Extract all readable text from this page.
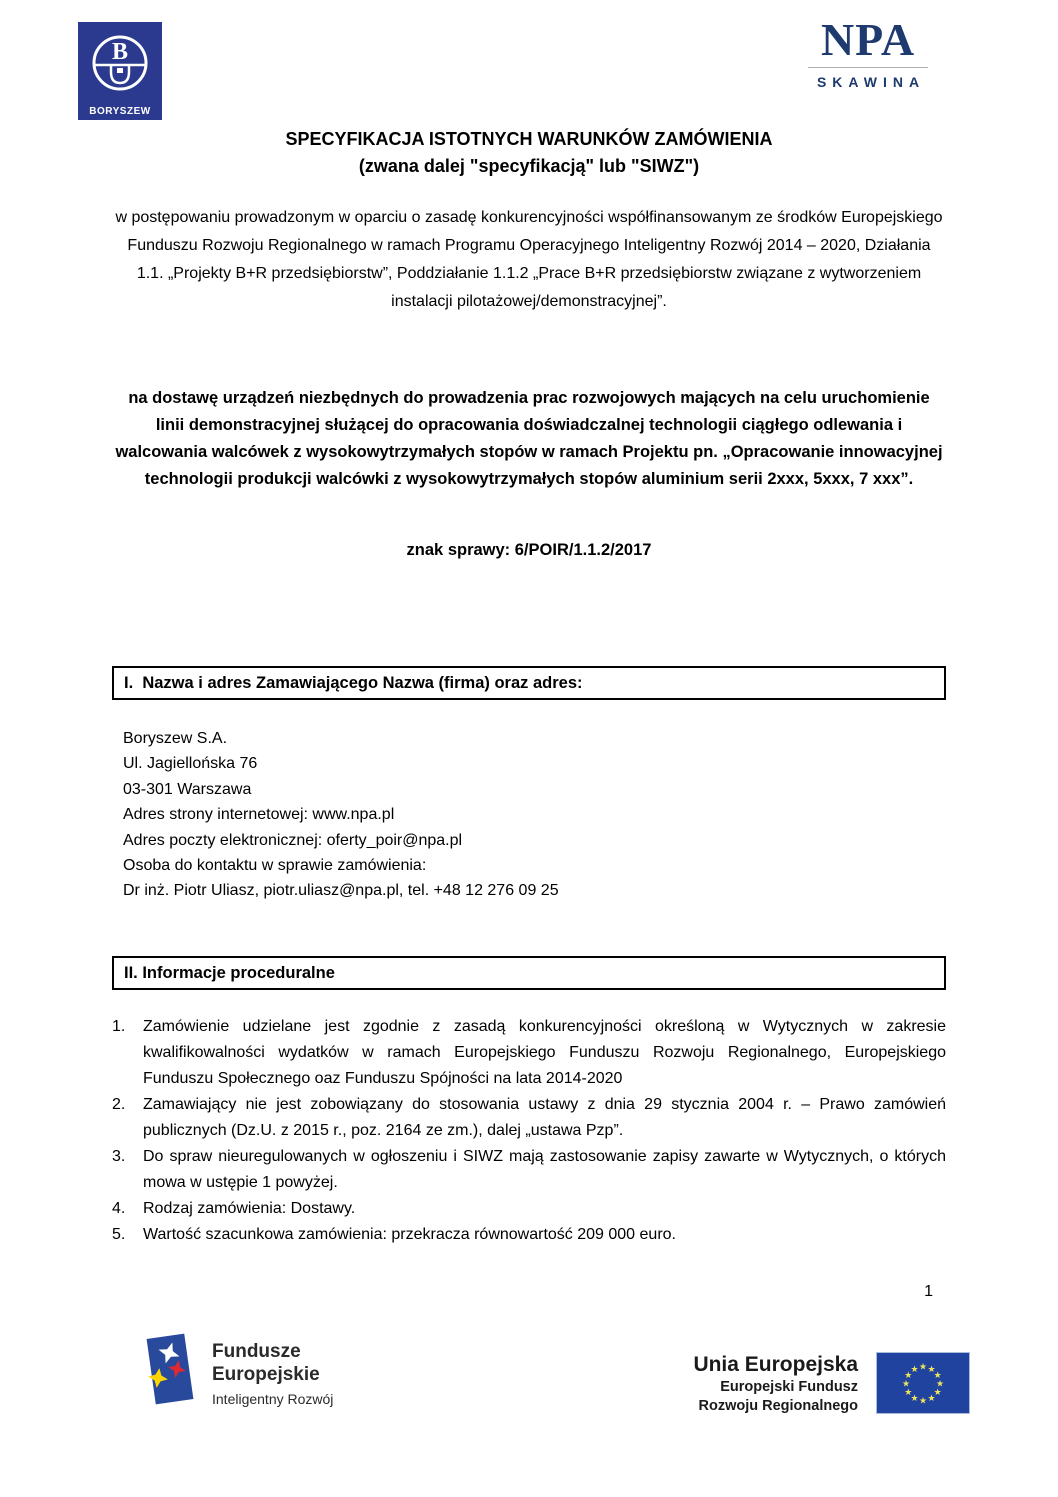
B
BORYSZEW
NPA
SKAWINA
SPECYFIKACJA ISTOTNYCH WARUNKÓW ZAMÓWIENIA
(zwana dalej "specyfikacją" lub "SIWZ")
w postępowaniu prowadzonym w oparciu o zasadę konkurencyjności współfinansowanym ze środków Europejskiego Funduszu Rozwoju Regionalnego w ramach Programu Operacyjnego Inteligentny Rozwój 2014 – 2020, Działania 1.1. „Projekty B+R przedsiębiorstw”, Poddziałanie 1.1.2 „Prace B+R przedsiębiorstw związane z wytworzeniem instalacji pilotażowej/demonstracyjnej”.
na dostawę urządzeń niezbędnych do prowadzenia prac rozwojowych mających na celu uruchomienie linii demonstracyjnej służącej do opracowania doświadczalnej technologii ciągłego odlewania i walcowania walcówek z wysokowytrzymałych stopów w ramach Projektu pn. „Opracowanie innowacyjnej technologii produkcji walcówki z wysokowytrzymałych stopów aluminium serii 2xxx, 5xxx, 7 xxx”.
znak sprawy: 6/POIR/1.1.2/2017
I.  Nazwa i adres Zamawiającego Nazwa (firma) oraz adres:
Boryszew S.A.
Ul. Jagiellońska 76
03-301 Warszawa
Adres strony internetowej: www.npa.pl
Adres poczty elektronicznej: oferty_poir@npa.pl
Osoba do kontaktu w sprawie zamówienia:
Dr inż. Piotr Uliasz, piotr.uliasz@npa.pl, tel. +48 12 276 09 25
II. Informacje proceduralne
1.	Zamówienie udzielane jest zgodnie z zasadą konkurencyjności określoną w Wytycznych w zakresie kwalifikowalności wydatków w ramach Europejskiego Funduszu Rozwoju Regionalnego, Europejskiego Funduszu Społecznego oaz Funduszu Spójności na lata 2014-2020
2.	Zamawiający nie jest zobowiązany do stosowania ustawy z dnia 29 stycznia 2004 r. – Prawo zamówień publicznych (Dz.U. z 2015 r., poz. 2164 ze zm.), dalej „ustawa Pzp”.
3.	Do spraw nieuregulowanych w ogłoszeniu i SIWZ mają zastosowanie zapisy zawarte w Wytycznych, o których mowa w ustępie 1 powyżej.
4.	Rodzaj zamówienia: Dostawy.
5.	Wartość szacunkowa zamówienia: przekracza równowartość 209 000 euro.
1
Fundusze
Europejskie
Inteligentny Rozwój
Unia Europejska
Europejski Fundusz
Rozwoju Regionalnego
★ ★
★
★
★
★
★
★
★
★
★
★
